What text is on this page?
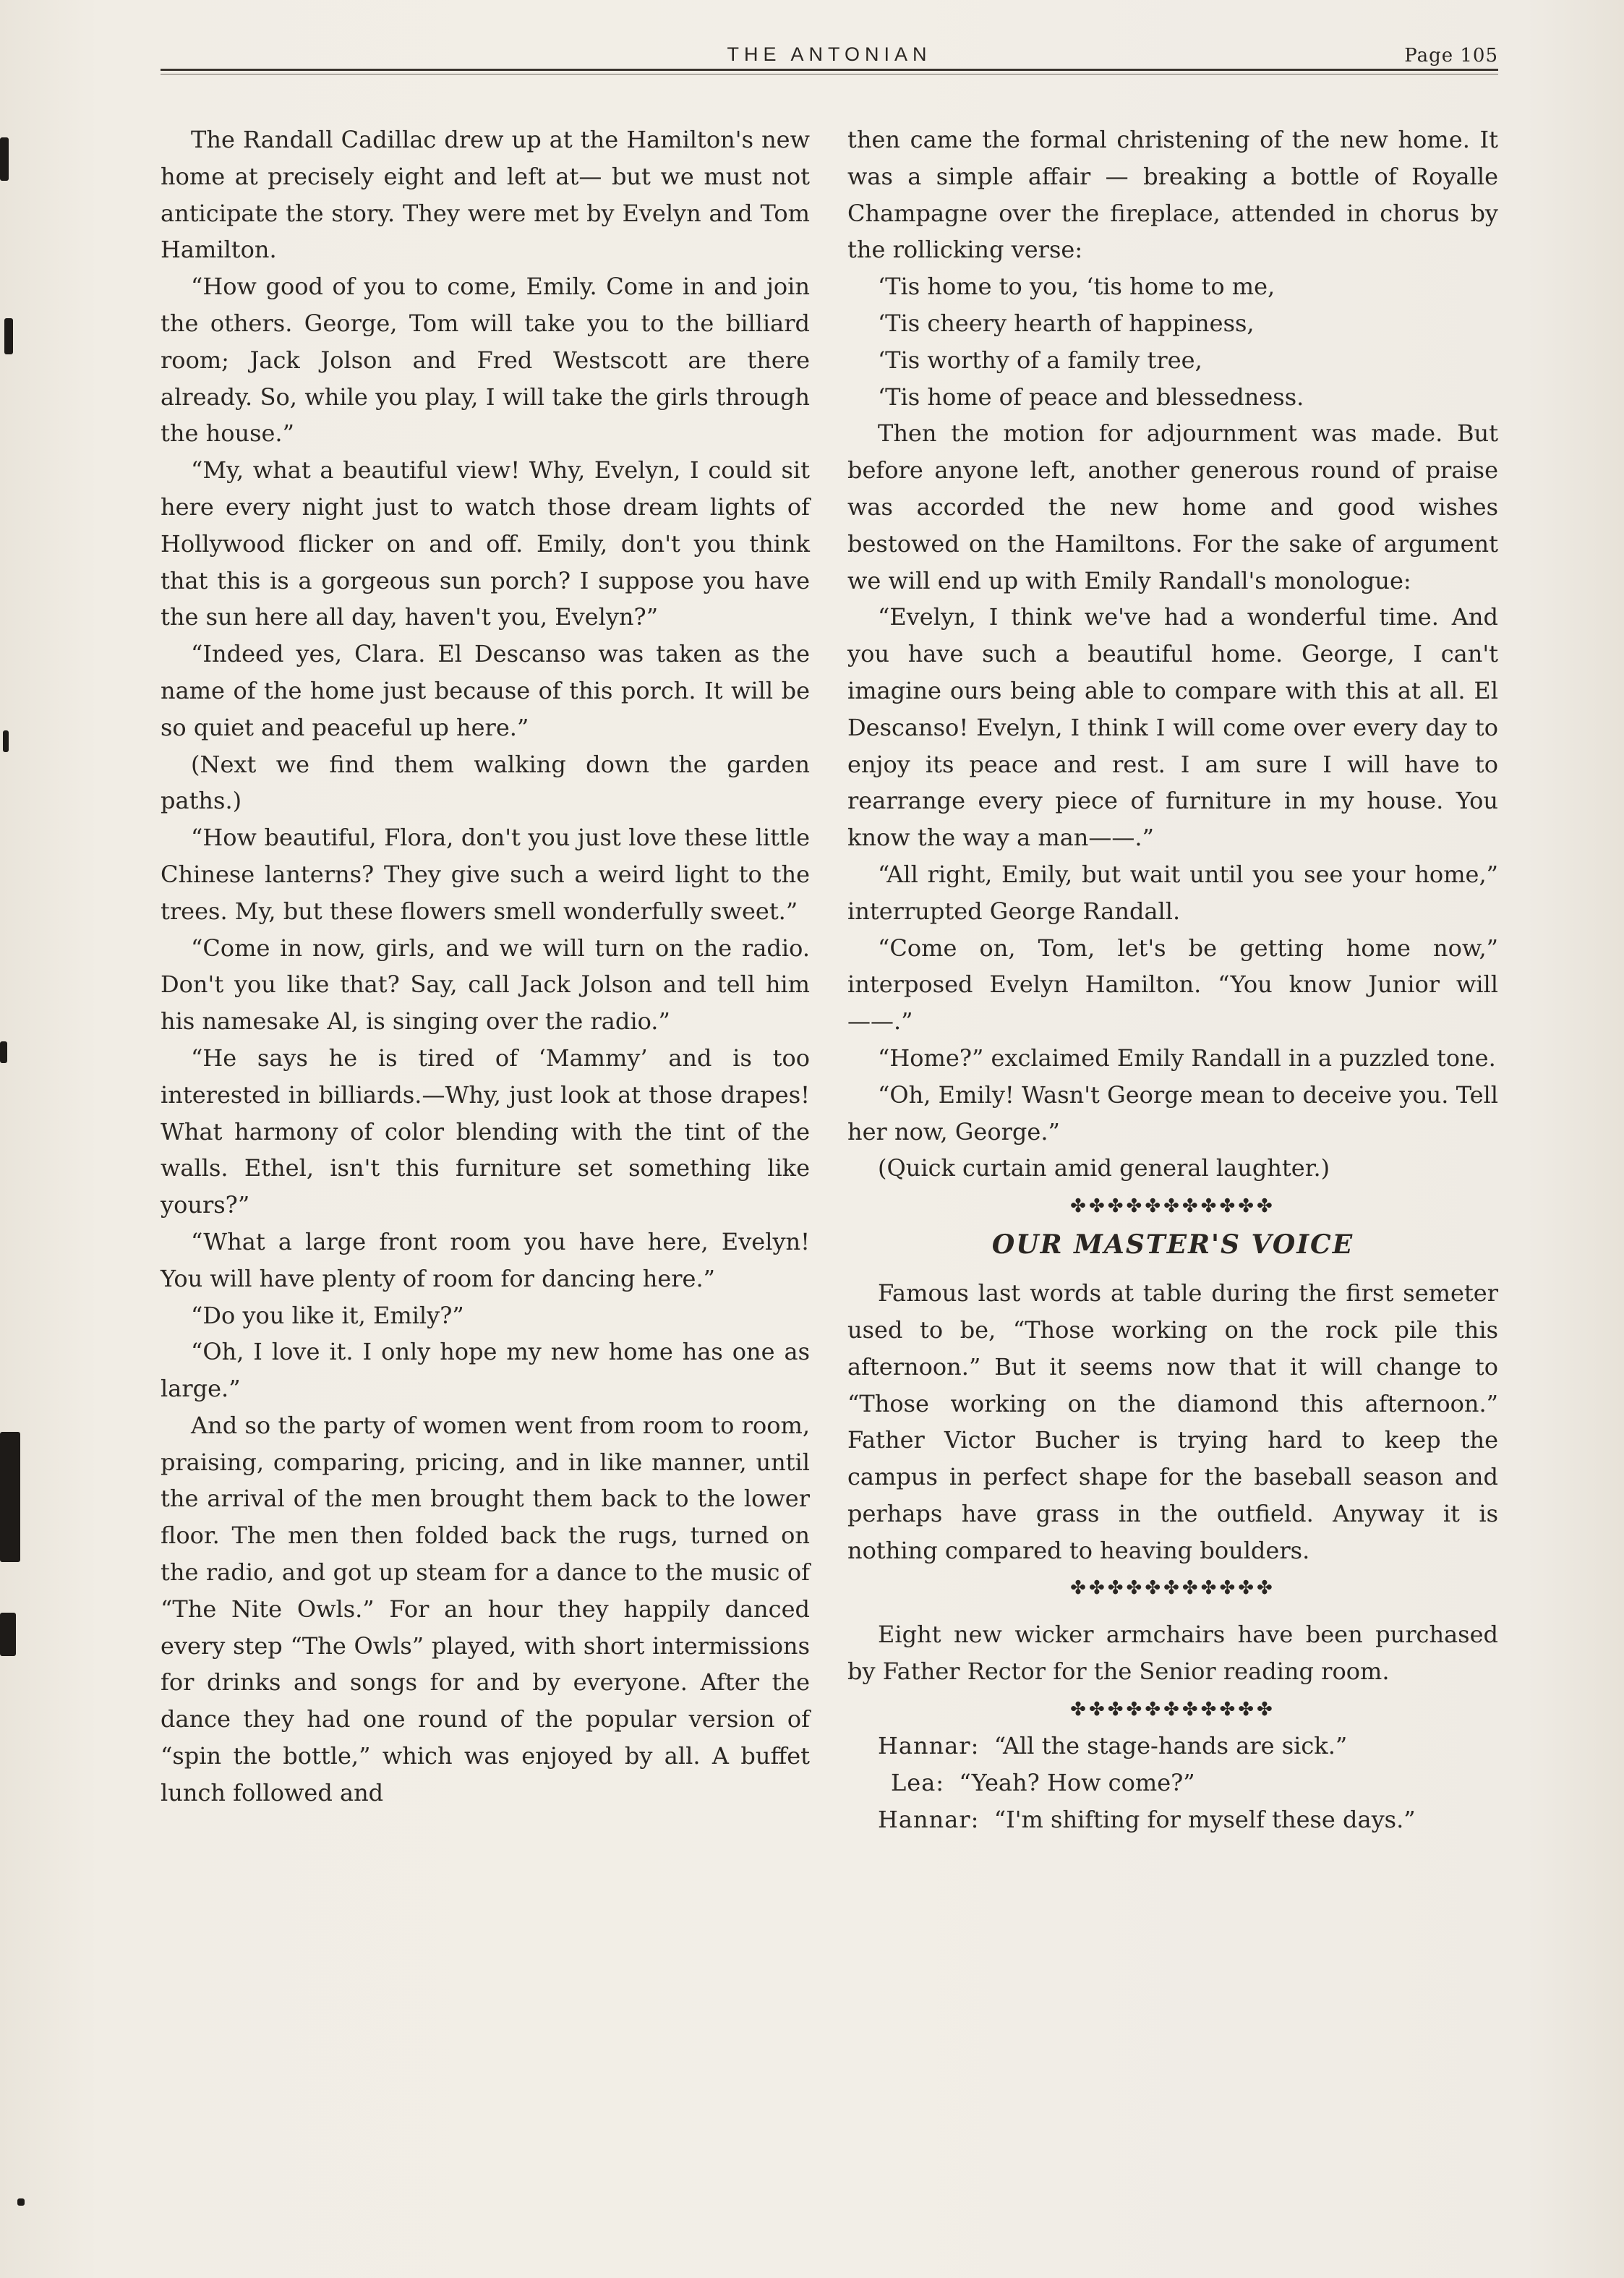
THE ANTONIAN	Page 105

The Randall Cadillac drew up at the Hamilton's new home at precisely eight and left at— but we must not anticipate the story. They were met by Evelyn and Tom Hamilton.

“How good of you to come, Emily. Come in and join the others. George, Tom will take you to the billiard room; Jack Jolson and Fred Westscott are there already. So, while you play, I will take the girls through the house.”

“My, what a beautiful view! Why, Evelyn, I could sit here every night just to watch those dream lights of Hollywood flicker on and off. Emily, don't you think that this is a gorgeous sun porch? I suppose you have the sun here all day, haven't you, Evelyn?”

“Indeed yes, Clara. El Descanso was taken as the name of the home just because of this porch. It will be so quiet and peaceful up here.”

(Next we find them walking down the garden paths.)

“How beautiful, Flora, don't you just love these little Chinese lanterns? They give such a weird light to the trees. My, but these flowers smell wonderfully sweet.”

“Come in now, girls, and we will turn on the radio. Don't you like that? Say, call Jack Jolson and tell him his namesake Al, is singing over the radio.”

“He says he is tired of ‘Mammy’ and is too interested in billiards.—Why, just look at those drapes! What harmony of color blending with the tint of the walls. Ethel, isn't this furniture set something like yours?”

“What a large front room you have here, Evelyn! You will have plenty of room for dancing here.”

“Do you like it, Emily?”

“Oh, I love it. I only hope my new home has one as large.”

And so the party of women went from room to room, praising, comparing, pricing, and in like manner, until the arrival of the men brought them back to the lower floor. The men then folded back the rugs, turned on the radio, and got up steam for a dance to the music of “The Nite Owls.” For an hour they happily danced every step “The Owls” played, with short intermissions for drinks and songs for and by everyone. After the dance they had one round of the popular version of “spin the bottle,” which was enjoyed by all. A buffet lunch followed and

then came the formal christening of the new home. It was a simple affair — breaking a bottle of Royalle Champagne over the fireplace, attended in chorus by the rollicking verse:

‘Tis home to you, ‘tis home to me,

‘Tis cheery hearth of happiness,

‘Tis worthy of a family tree,

‘Tis home of peace and blessedness.

Then the motion for adjournment was made. But before anyone left, another generous round of praise was accorded the new home and good wishes bestowed on the Hamiltons. For the sake of argument we will end up with Emily Randall's monologue:

“Evelyn, I think we've had a wonderful time. And you have such a beautiful home. George, I can't imagine ours being able to compare with this at all. El Descanso! Evelyn, I think I will come over every day to enjoy its peace and rest. I am sure I will have to rearrange every piece of furniture in my house. You know the way a man——.”

“All right, Emily, but wait until you see your home,” interrupted George Randall.

“Come on, Tom, let's be getting home now,” interposed Evelyn Hamilton. “You know Junior will——.”

“Home?” exclaimed Emily Randall in a puzzled tone.

“Oh, Emily! Wasn't George mean to deceive you. Tell her now, George.”

(Quick curtain amid general laughter.)

✤✤✤✤✤✤✤✤✤✤✤
OUR MASTER'S VOICE

Famous last words at table during the first semeter used to be, “Those working on the rock pile this afternoon.” But it seems now that it will change to “Those working on the diamond this afternoon.” Father Victor Bucher is trying hard to keep the campus in perfect shape for the baseball season and perhaps have grass in the outfield. Anyway it is nothing compared to heaving boulders.

✤✤✤✤✤✤✤✤✤✤✤

Eight new wicker armchairs have been purchased by Father Rector for the Senior reading room.

✤✤✤✤✤✤✤✤✤✤✤

Hannar: “All the stage-hands are sick.”

Lea: “Yeah? How come?”

Hannar: “I'm shifting for myself these days.”
